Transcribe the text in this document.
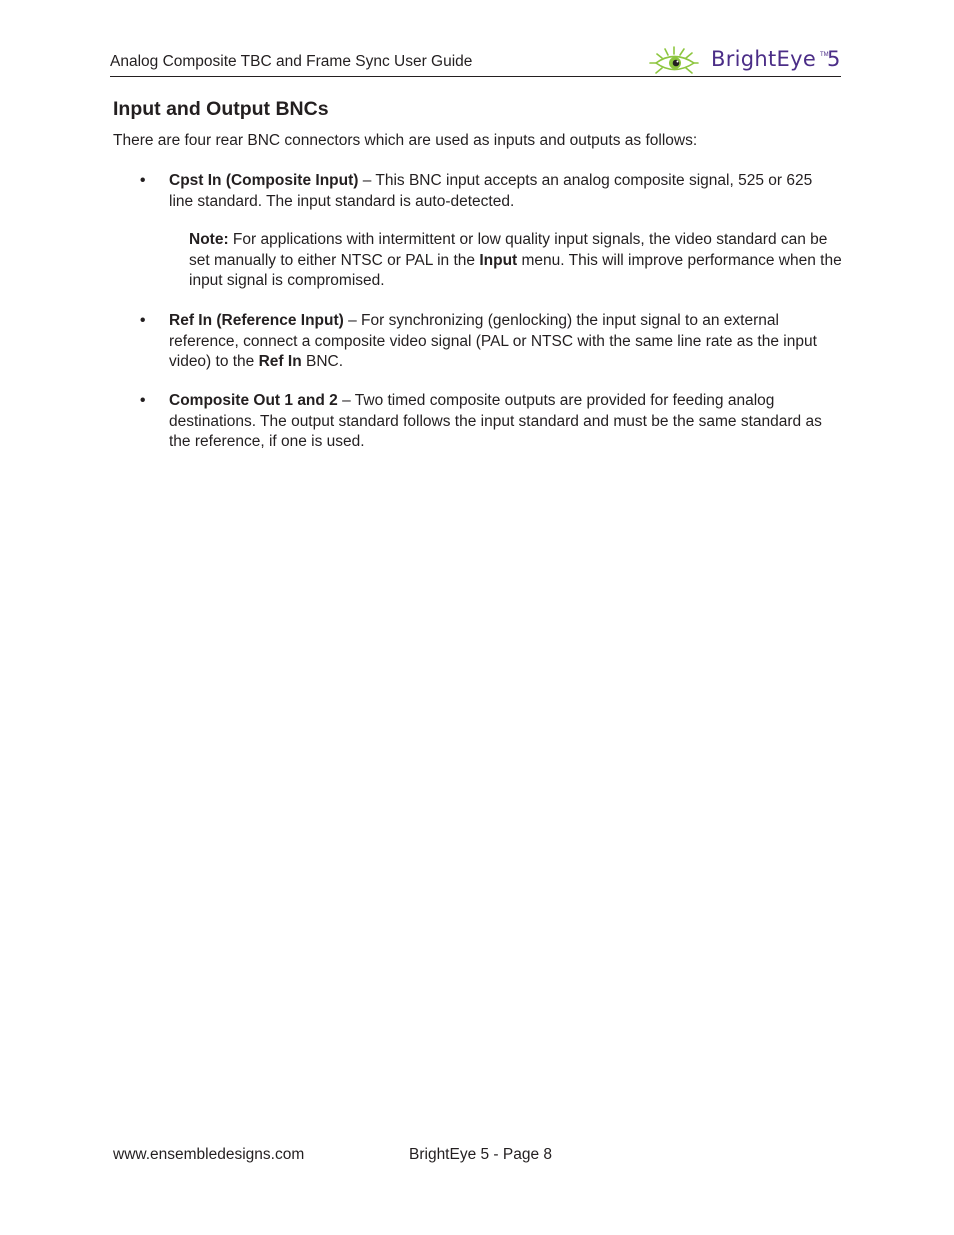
Analog Composite TBC and Frame Sync User Guide	BrightEye TM
5
Input and Output BNCs

There are four rear BNC connectors which are used as inputs and outputs as follows:

• Cpst In (Composite Input) – This BNC input accepts an analog composite signal, 525 or 625 line standard. The input standard is auto-detected.
Note: For applications with intermittent or low quality input signals, the video standard can be set manually to either NTSC or PAL in the Input menu. This will improve performance when the input signal is compromised.
• Ref In (Reference Input) – For synchronizing (genlocking) the input signal to an external reference, connect a composite video signal (PAL or NTSC with the same line rate as the input video) to the Ref In BNC.
• Composite Out 1 and 2 – Two timed composite outputs are provided for feeding analog destinations. The output standard follows the input standard and must be the same standard as the reference, if one is used.
www.ensembledesigns.com	BrightEye 5 - Page 8
